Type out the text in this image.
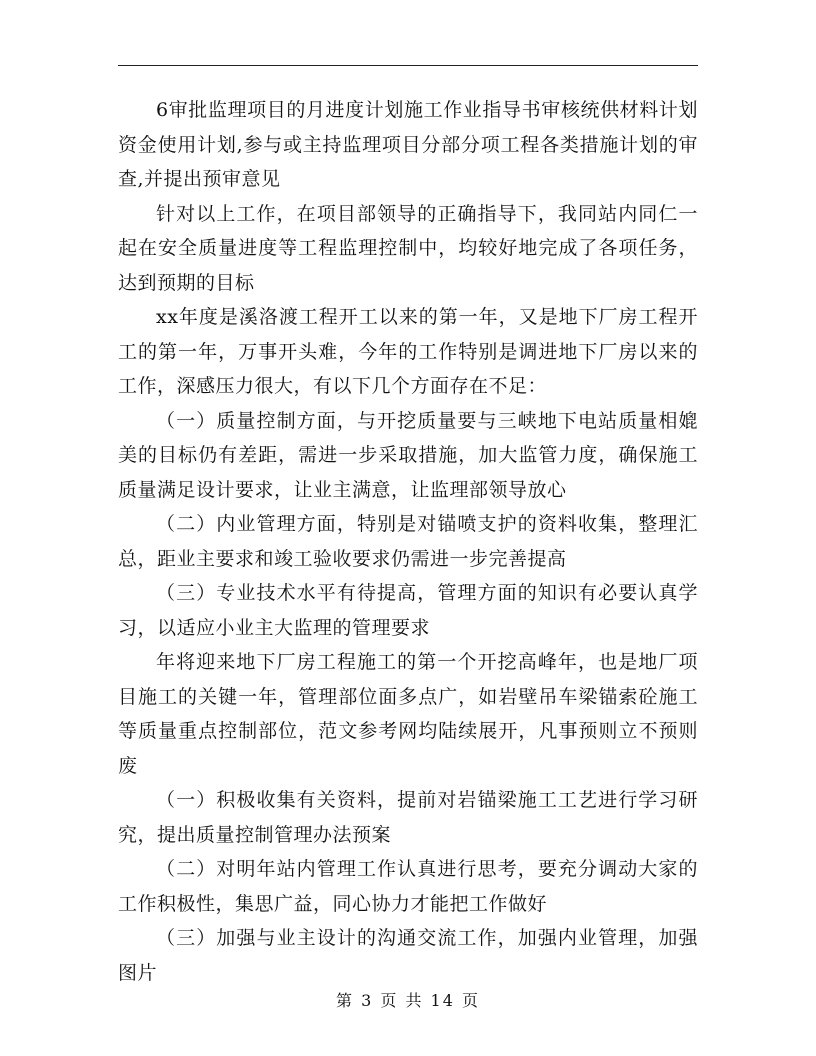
6审批监理项目的月进度计划施工作业指导书审核统供材料计划资金使用计划,参与或主持监理项目分部分项工程各类措施计划的审查,并提出预审意见

针对以上工作，在项目部领导的正确指导下，我同站内同仁一起在安全质量进度等工程监理控制中，均较好地完成了各项任务，达到预期的目标

xx年度是溪洛渡工程开工以来的第一年，又是地下厂房工程开工的第一年，万事开头难，今年的工作特别是调进地下厂房以来的工作，深感压力很大，有以下几个方面存在不足：

（一）质量控制方面，与开挖质量要与三峡地下电站质量相媲美的目标仍有差距，需进一步采取措施，加大监管力度，确保施工质量满足设计要求，让业主满意，让监理部领导放心

（二）内业管理方面，特别是对锚喷支护的资料收集，整理汇总，距业主要求和竣工验收要求仍需进一步完善提高

（三）专业技术水平有待提高，管理方面的知识有必要认真学习，以适应小业主大监理的管理要求

年将迎来地下厂房工程施工的第一个开挖高峰年，也是地厂项目施工的关键一年，管理部位面多点广，如岩壁吊车梁锚索砼施工等质量重点控制部位，范文参考网均陆续展开，凡事预则立不预则废

（一）积极收集有关资料，提前对岩锚梁施工工艺进行学习研究，提出质量控制管理办法预案

（二）对明年站内管理工作认真进行思考，要充分调动大家的工作积极性，集思广益，同心协力才能把工作做好

（三）加强与业主设计的沟通交流工作，加强内业管理，加强图片

第 3 页 共 14 页
